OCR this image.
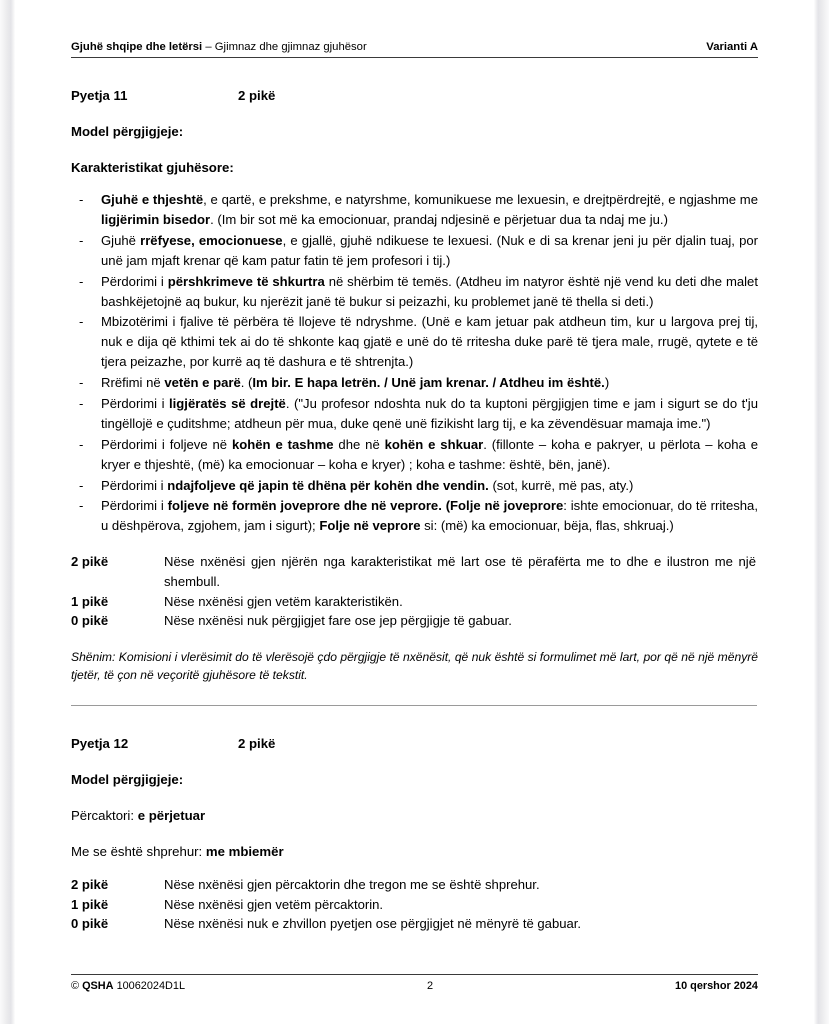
Gjuhë shqipe dhe letërsi – Gjimnaz dhe gjimnaz gjuhësor	Varianti A
Pyetja 11	2 pikë
Model përgjigjeje:
Karakteristikat gjuhësore:
- Gjuhë e thjeshtë, e qartë, e prekshme, e natyrshme, komunikuese me lexuesin, e drejtpërdrejtë, e ngjashme me ligjërimin bisedor. (Im bir sot më ka emocionuar, prandaj ndjesinë e përjetuar dua ta ndaj me ju.)
- Gjuhë rrëfyese, emocionuese, e gjallë, gjuhë ndikuese te lexuesi. (Nuk e di sa krenar jeni ju për djalin tuaj, por unë jam mjaft krenar që kam patur fatin të jem profesori i tij.)
- Përdorimi i përshkrimeve të shkurtra në shërbim të temës. (Atdheu im natyror është një vend ku deti dhe malet bashkëjetojnë aq bukur, ku njerëzit janë të bukur si peizazhi, ku problemet janë të thella si deti.)
- Mbizotërimi i fjalive të përbëra të llojeve të ndryshme. (Unë e kam jetuar pak atdheun tim, kur u largova prej tij, nuk e dija që kthimi tek ai do të shkonte kaq gjatë e unë do të rritesha duke parë të tjera male, rrugë, qytete e të tjera peizazhe, por kurrë aq të dashura e të shtrenjta.)
- Rrëfimi në vetën e parë. (Im bir. E hapa letrën. / Unë jam krenar. / Atdheu im është.)
- Përdorimi i ligjëratës së drejtë. ("Ju profesor ndoshta nuk do ta kuptoni përgjigjen time e jam i sigurt se do t'ju tingëllojë e çuditshme; atdheun për mua, duke qenë unë fizikisht larg tij, e ka zëvendësuar mamaja ime.")
- Përdorimi i foljeve në kohën e tashme dhe në kohën e shkuar. (fillonte – koha e pakryer, u përlota – koha e kryer e thjeshtë, (më) ka emocionuar – koha e kryer) ; koha e tashme: është, bën, janë).
- Përdorimi i ndajfoljeve që japin të dhëna për kohën dhe vendin. (sot, kurrë, më pas, aty.)
- Përdorimi i foljeve në formën joveprore dhe në veprore. (Folje në joveprore: ishte emocionuar, do të rritesha, u dëshpërova, zgjohem, jam i sigurt); Folje në veprore si: (më) ka emocionuar, bëja, flas, shkruaj.)
2 pikë	Nëse nxënësi gjen njërën nga karakteristikat më lart ose të përafërta me to dhe e ilustron me një shembull.
1 pikë	Nëse nxënësi gjen vetëm karakteristikën.
0 pikë	Nëse nxënësi nuk përgjigjet fare ose jep përgjigje të gabuar.
Shënim: Komisioni i vlerësimit do të vlerësojë çdo përgjigje të nxënësit, që nuk është si formulimet më lart, por që në një mënyrë tjetër, të çon në veçoritë gjuhësore të tekstit.
Pyetja 12	2 pikë
Model përgjigjeje:
Përcaktori: e përjetuar
Me se është shprehur: me mbiemër
2 pikë	Nëse nxënësi gjen përcaktorin dhe tregon me se është shprehur.
1 pikë	Nëse nxënësi gjen vetëm përcaktorin.
0 pikë	Nëse nxënësi nuk e zhvillon pyetjen ose përgjigjet në mënyrë të gabuar.
© QSHA 10062024D1L	2	10 qershor 2024
